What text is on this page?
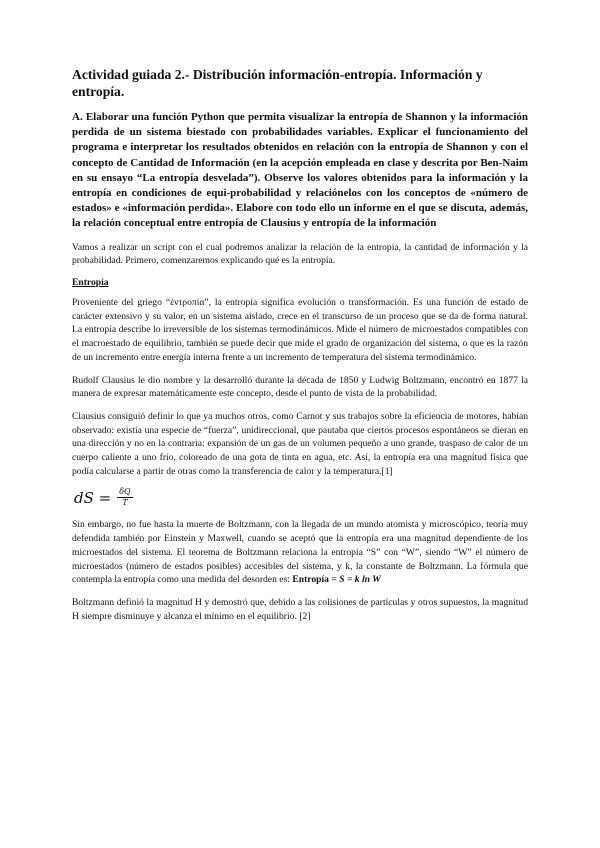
Actividad guiada 2.- Distribución información-entropía. Información y entropía.
A. Elaborar una función Python que permita visualizar la entropía de Shannon y la información perdida de un sistema biestado con probabilidades variables. Explicar el funcionamiento del programa e interpretar los resultados obtenidos en relación con la entropía de Shannon y con el concepto de Cantidad de Información (en la acepción empleada en clase y descrita por Ben-Naim en su ensayo “La entropía desvelada”). Observe los valores obtenidos para la información y la entropía en condiciones de equi-probabilidad y relaciónelos con los conceptos de «número de estados» e «información perdida». Elabore con todo ello un informe en el que se discuta, además, la relación conceptual entre entropía de Clausius y entropía de la información

Vamos a realizar un script con el cual podremos analizar la relación de la entropía, la cantidad de información y la probabilidad. Primero, comenzaremos explicando qué es la entropía.

Entropía

Proveniente del griego “ἐντροπία”, la entropía significa evolución o transformación. Es una función de estado de carácter extensivo y su valor, en un sistema aislado, crece en el transcurso de un proceso que se da de forma natural. La entropía describe lo irreversible de los sistemas termodinámicos. Mide el número de microestados compatibles con el macroestado de equilibrio, también se puede decir que mide el grado de organización del sistema, o que es la razón de un incremento entre energía interna frente a un incremento de temperatura del sistema termodinámico.

Rudolf Clausius le dio nombre y la desarrolló durante la década de 1850 y Ludwig Boltzmann, encontró en 1877 la manera de expresar matemáticamente este concepto, desde el punto de vista de la probabilidad.

Clausius consiguió definir lo que ya muchos otros, como Carnot y sus trabajos sobre la eficiencia de motores, habían observado: existía una especie de “fuerza”, unidireccional, que pautaba que ciertos procesos espontáneos se dieran en una dirección y no en la contraria: expansión de un gas de un volumen pequeño a uno grande, traspaso de calor de un cuerpo caliente a uno frío, coloreado de una gota de tinta en agua, etc. Así, la entropía era una magnitud física que podía calcularse a partir de otras como la transferencia de calor y la temperatura.[1]

dS = $\frac{\delta Q}{T}$

Sin embargo, no fue hasta la muerte de Boltzmann, con la llegada de un mundo atomista y microscópico, teoría muy defendida también por Einstein y Maxwell, cuando se aceptó que la entropía era una magnitud dependiente de los microestados del sistema. El teorema de Boltzmann relaciona la entropía “S” con “W”, siendo “W” el número de microestados (número de estados posibles) accesibles del sistema, y k, la constante de Boltzmann. La fórmula que contempla la entropía como una medida del desorden es: Entropía = S = k ln W

Boltzmann definió la magnitud H y demostró que, debido a las colisiones de partículas y otros supuestos, la magnitud H siempre disminuye y alcanza el mínimo en el equilibrio. [2]
